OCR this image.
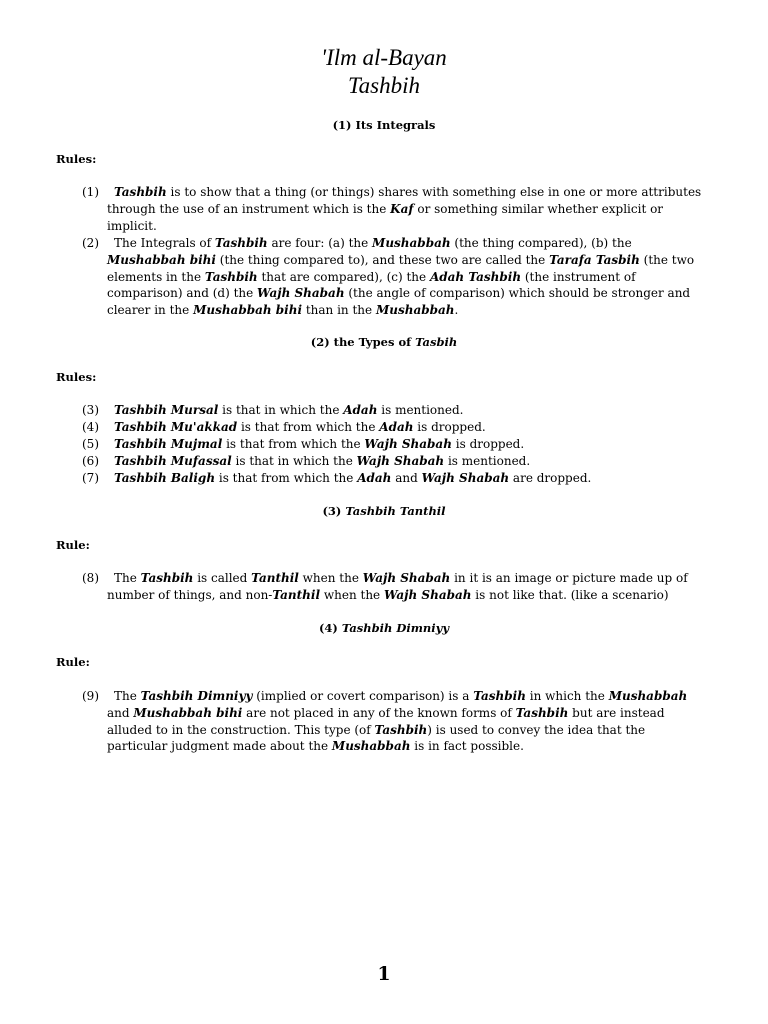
'Ilm al-Bayan
Tashbih
(1) Its Integrals
Rules:
(1)	Tashbih is to show that a thing (or things) shares with something else in one or more attributes through the use of an instrument which is the Kaf or something similar whether explicit or implicit.
(2)	The Integrals of Tashbih are four: (a) the Mushabbah (the thing compared), (b) the Mushabbah bihi (the thing compared to), and these two are called the Tarafa Tasbih (the two elements in the Tashbih that are compared), (c) the Adah Tashbih (the instrument of comparison) and (d) the Wajh Shabah (the angle of comparison) which should be stronger and clearer in the Mushabbah bihi than in the Mushabbah.
(2) the Types of Tasbih
Rules:
(3) Tashbih Mursal is that in which the Adah is mentioned.
(4) Tashbih Mu'akkad is that from which the Adah is dropped.
(5) Tashbih Mujmal is that from which the Wajh Shabah is dropped.
(6) Tashbih Mufassal is that in which the Wajh Shabah is mentioned.
(7) Tashbih Baligh is that from which the Adah and Wajh Shabah are dropped.
(3) Tashbih Tanthil
Rule:
(8)	The Tashbih is called Tanthil when the Wajh Shabah in it is an image or picture made up of number of things, and non-Tanthil when the Wajh Shabah is not like that. (like a scenario)
(4) Tashbih Dimniyy
Rule:
(9)	The Tashbih Dimniyy (implied or covert comparison) is a Tashbih in which the Mushabbah and Mushabbah bihi are not placed in any of the known forms of Tashbih but are instead alluded to in the construction. This type (of Tashbih) is used to convey the idea that the particular judgment made about the Mushabbah is in fact possible.
1
